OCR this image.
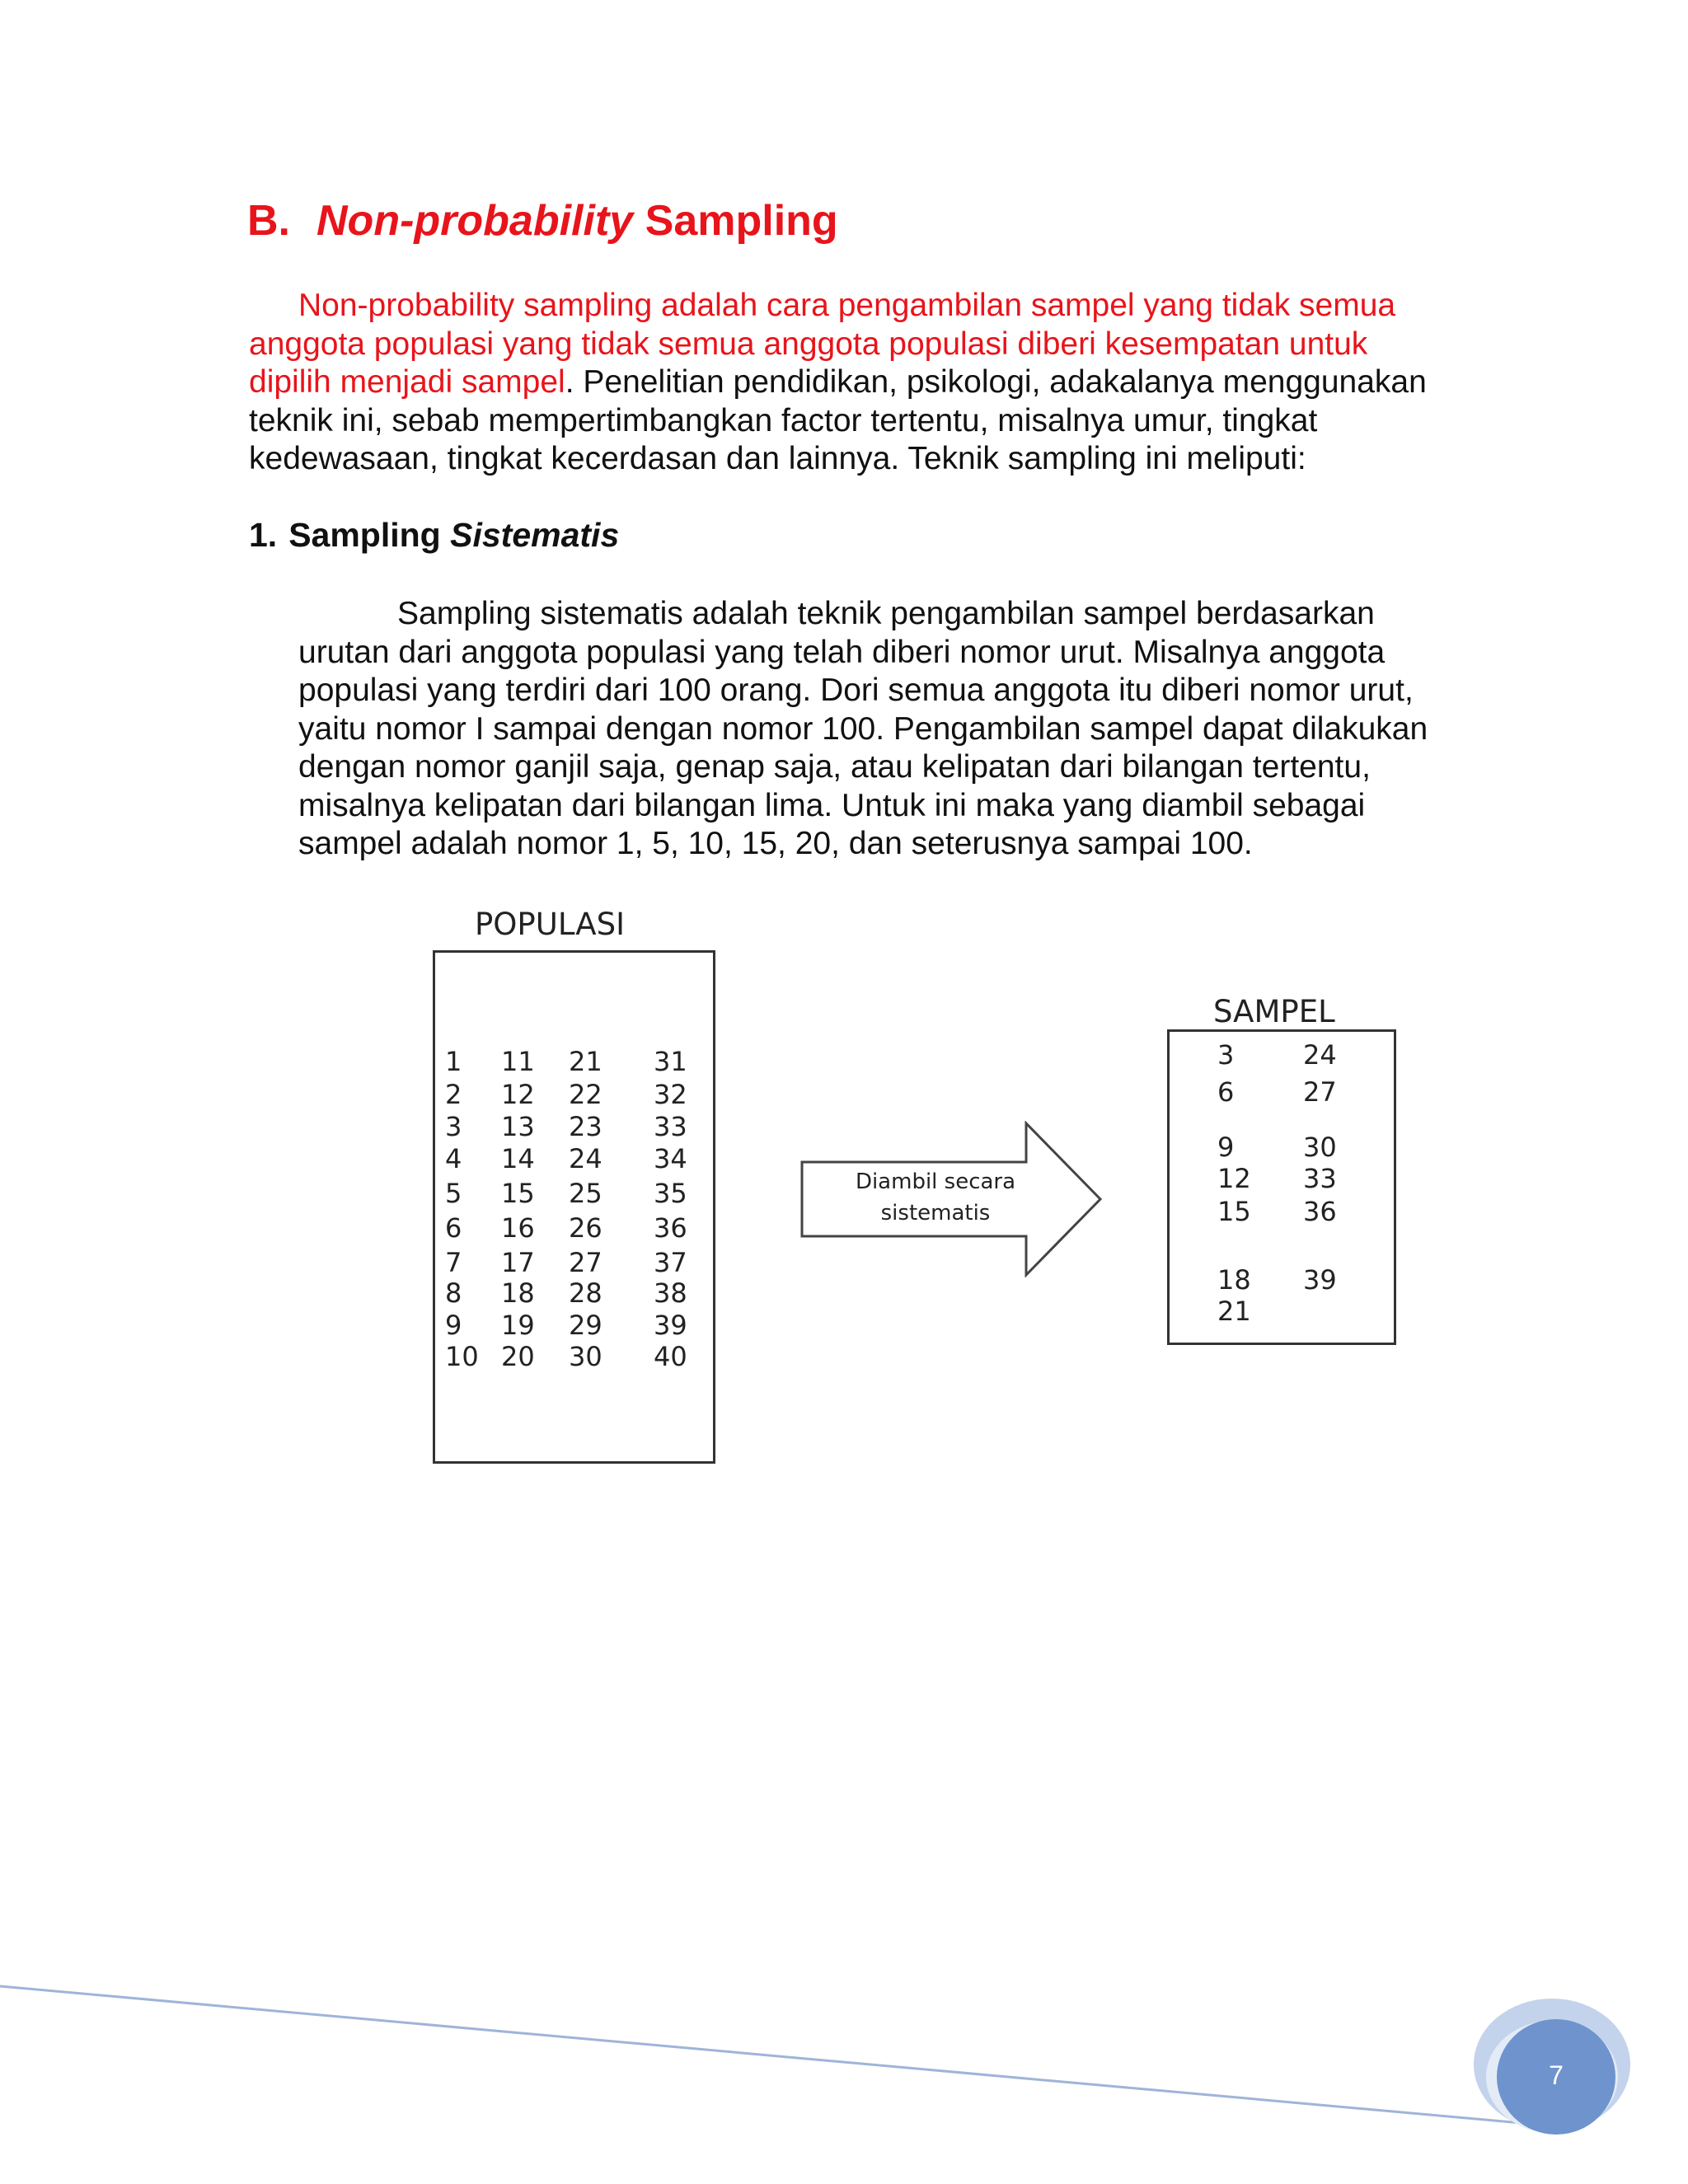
B. Non-probability Sampling

Non-probability sampling adalah cara pengambilan sampel yang tidak semua
anggota populasi yang tidak semua anggota populasi diberi kesempatan untuk
dipilih menjadi sampel. Penelitian pendidikan, psikologi, adakalanya menggunakan
teknik ini, sebab mempertimbangkan factor tertentu, misalnya umur, tingkat
kedewasaan, tingkat kecerdasan dan lainnya. Teknik sampling ini meliputi:

1. Sampling Sistematis

Sampling sistematis adalah teknik pengambilan sampel berdasarkan
urutan dari anggota populasi yang telah diberi nomor urut. Misalnya anggota
populasi yang terdiri dari 100 orang. Dori semua anggota itu diberi nomor urut,
yaitu nomor I sampai dengan nomor 100. Pengambilan sampel dapat dilakukan
dengan nomor ganjil saja, genap saja, atau kelipatan dari bilangan tertentu,
misalnya kelipatan dari bilangan lima. Untuk ini maka yang diambil sebagai
sampel adalah nomor 1, 5, 10, 15, 20, dan seterusnya sampai 100.

POPULASI
1
2
3
4
5
6
7
8
9
10
11
12
13
14
15
16
17
18
19
20
21
22
23
24
25
26
27
28
29
30
31
32
33
34
35
36
37
38
39
40
Diambil secara
sistematis
SAMPEL
3
6
9
12
15
18
21
24
27
30
33
36
39
7
